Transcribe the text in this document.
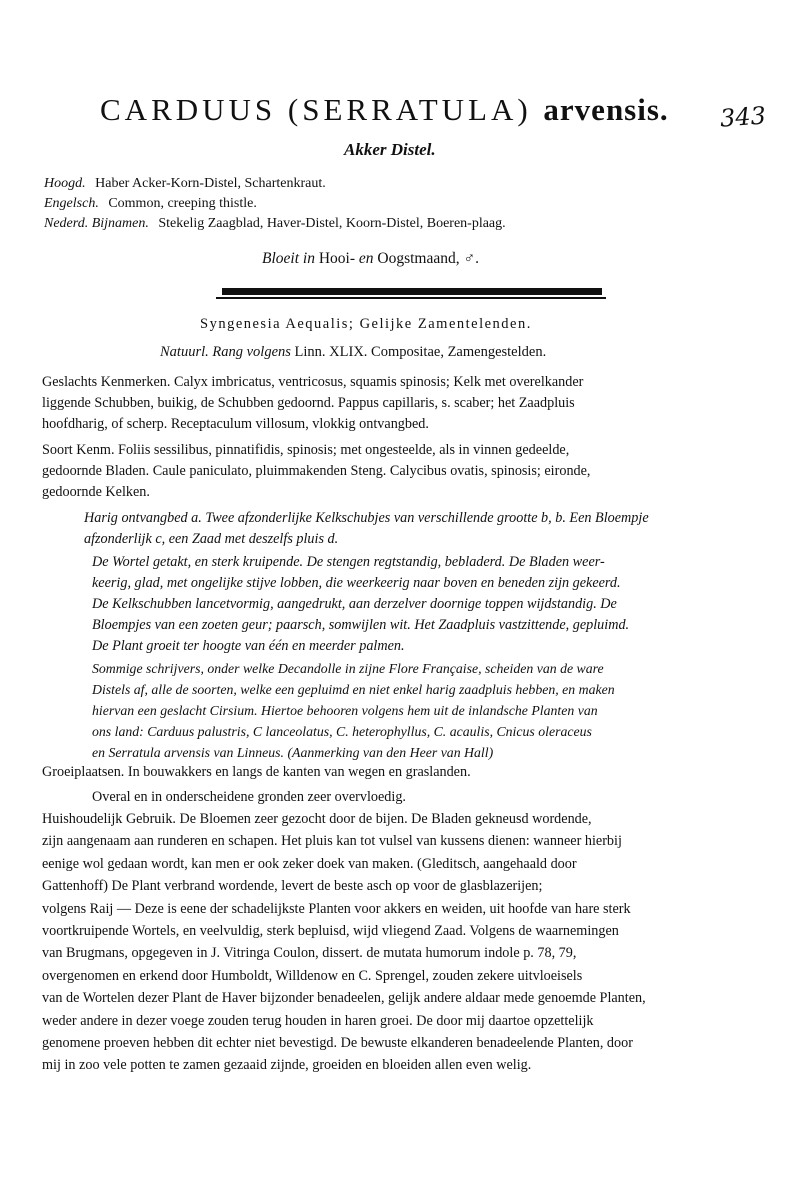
CARDUUS (SERRATULA) arvensis. 343
Akker Distel.
Hoogd. Haber Acker-Korn-Distel, Schartenkraut.
Engelsch. Common, creeping thistle.
Nederd. Bijnamen. Stekelig Zaagblad, Haver-Distel, Koorn-Distel, Boeren-plaag.
Bloeit in Hooi- en Oogstmaand, ♂.
Syngenesia Aequalis; Gelijke Zamentelenden.
Natuurl. Rang volgens Linn. XLIX. Compositae, Zamengestelden.
Geslachts Kenmerken. Calyx imbricatus, ventricosus, squamis spinosis; Kelk met overelkander
liggende Schubben, buikig, de Schubben gedoornd. Pappus capillaris, s. scaber; het Zaadpluis
hoofdharig, of scherp. Receptaculum villosum, vlokkig ontvangbed.
Soort Kenm. Foliis sessilibus, pinnatifidis, spinosis; met ongesteelde, als in vinnen gedeelde,
gedoornde Bladen. Caule paniculato, pluimmakenden Steng. Calycibus ovatis, spinosis; eironde,
gedoornde Kelken.
Harig ontvangbed a. Twee afzonderlijke Kelkschubjes van verschillende grootte b, b. Een Bloempje
afzonderlijk c, een Zaad met deszelfs pluis d.
De Wortel getakt, en sterk kruipende. De stengen regtstandig, bebladerd. De Bladen weer-
keerig, glad, met ongelijke stijve lobben, die weerkeerig naar boven en beneden zijn gekeerd.
De Kelkschubben lancetvormig, aangedrukt, aan derzelver doornige toppen wijdstandig. De
Bloempjes van een zoeten geur; paarsch, somwijlen wit. Het Zaadpluis vastzittende, gepluimd.
De Plant groeit ter hoogte van één en meerder palmen.
Sommige schrijvers, onder welke Decandolle in zijne Flore Française, scheiden van de ware
Distels af, alle de soorten, welke een gepluimd en niet enkel harig zaadpluis hebben, en maken
hiervan een geslacht Cirsium. Hiertoe behooren volgens hem uit de inlandsche Planten van
ons land: Carduus palustris, C lanceolatus, C. heterophyllus, C. acaulis, Cnicus oleraceus
en Serratula arvensis van Linneus. (Aanmerking van den Heer van Hall)
Groeiplaatsen. In bouwakkers en langs de kanten van wegen en graslanden.
Overal en in onderscheidene gronden zeer overvloedig.
Huishoudelijk Gebruik. De Bloemen zeer gezocht door de bijen. De Bladen gekneusd wordende,
zijn aangenaam aan runderen en schapen. Het pluis kan tot vulsel van kussens dienen: wanneer hierbij
eenige wol gedaan wordt, kan men er ook zeker doek van maken. (Gleditsch, aangehaald door
Gattenhoff) De Plant verbrand wordende, levert de beste asch op voor de glasblazerijen;
volgens Raij — Deze is eene der schadelijkste Planten voor akkers en weiden, uit hoofde van hare sterk
voortkruipende Wortels, en veelvuldig, sterk bepluisd, wijd vliegend Zaad. Volgens de waarnemingen
van Brugmans, opgegeven in J. Vitringa Coulon, dissert. de mutata humorum indole p. 78, 79,
overgenomen en erkend door Humboldt, Willdenow en C. Sprengel, zouden zekere uitvloeisels
van de Wortelen dezer Plant de Haver bijzonder benadeelen, gelijk andere aldaar mede genoemde Planten,
weder andere in dezer voege zouden terug houden in haren groei. De door mij daartoe opzettelijk
genomene proeven hebben dit echter niet bevestigd. De bewuste elkanderen benadeelende Planten, door
mij in zoo vele potten te zamen gezaaid zijnde, groeiden en bloeiden allen even welig.
